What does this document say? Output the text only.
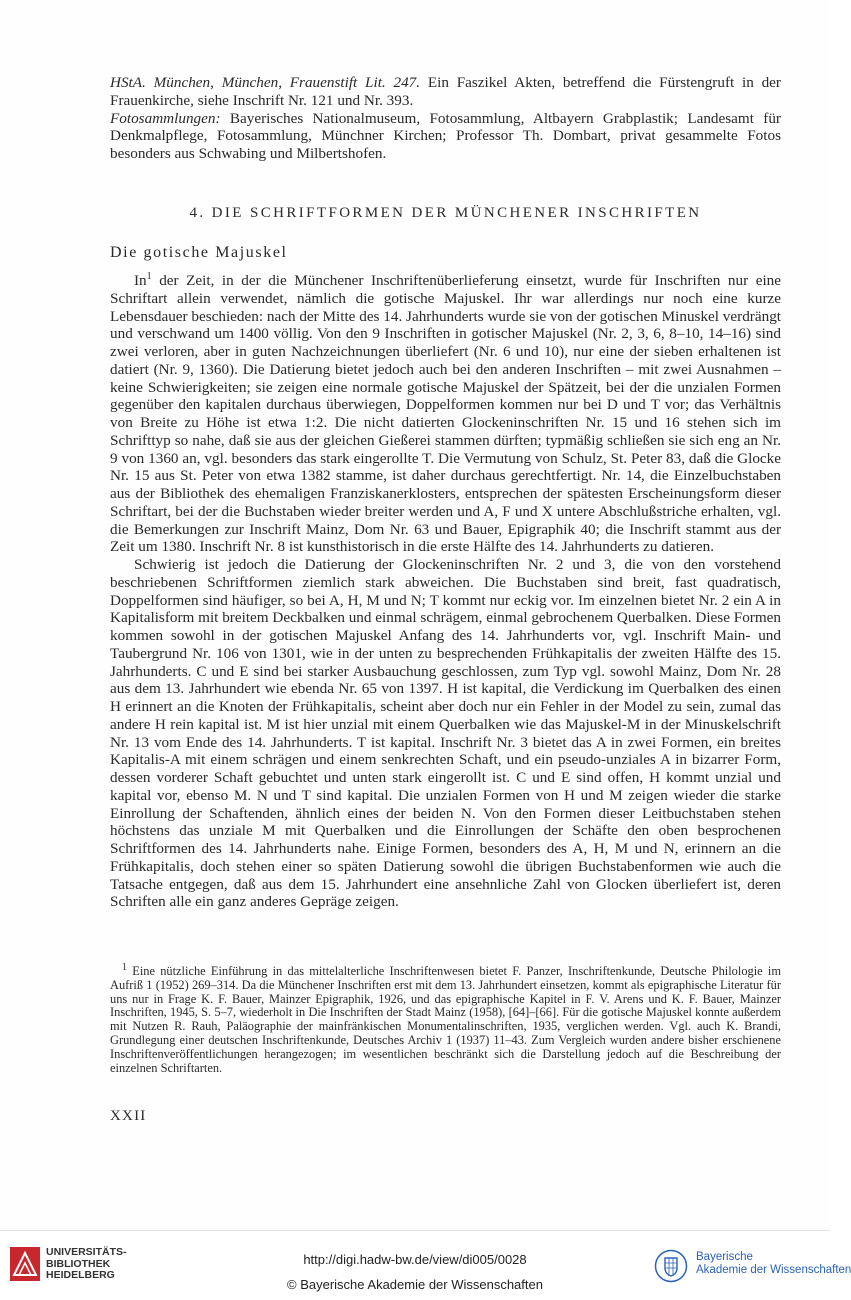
HStA. München, München, Frauenstift Lit. 247. Ein Faszikel Akten, betreffend die Fürstengruft in der Frauenkirche, siehe Inschrift Nr. 121 und Nr. 393.

Fotosammlungen: Bayerisches Nationalmuseum, Fotosammlung, Altbayern Grabplastik; Landesamt für Denkmalpflege, Fotosammlung, Münchner Kirchen; Professor Th. Dombart, privat gesammelte Fotos besonders aus Schwabing und Milbertshofen.

4. DIE SCHRIFTFORMEN DER MÜNCHENER INSCHRIFTEN
Die gotische Majuskel

In$^1$ der Zeit, in der die Münchener Inschriftenüberlieferung einsetzt, wurde für Inschriften nur eine Schriftart allein verwendet, nämlich die gotische Majuskel. Ihr war allerdings nur noch eine kurze Lebensdauer beschieden: nach der Mitte des 14. Jahrhunderts wurde sie von der gotischen Minuskel verdrängt und verschwand um 1400 völlig. Von den 9 Inschriften in gotischer Majuskel (Nr. 2, 3, 6, 8–10, 14–16) sind zwei verloren, aber in guten Nachzeichnungen überliefert (Nr. 6 und 10), nur eine der sieben erhaltenen ist datiert (Nr. 9, 1360). Die Datierung bietet jedoch auch bei den anderen Inschriften – mit zwei Ausnahmen – keine Schwierigkeiten; sie zeigen eine normale gotische Majuskel der Spätzeit, bei der die unzialen Formen gegenüber den kapitalen durchaus überwiegen, Doppelformen kommen nur bei D und T vor; das Verhältnis von Breite zu Höhe ist etwa 1:2. Die nicht datierten Glockeninschriften Nr. 15 und 16 stehen sich im Schrifttyp so nahe, daß sie aus der gleichen Gießerei stammen dürften; typmäßig schließen sie sich eng an Nr. 9 von 1360 an, vgl. besonders das stark eingerollte T. Die Vermutung von Schulz, St. Peter 83, daß die Glocke Nr. 15 aus St. Peter von etwa 1382 stamme, ist daher durchaus gerechtfertigt. Nr. 14, die Einzelbuchstaben aus der Bibliothek des ehemaligen Franziskanerklosters, entsprechen der spätesten Erscheinungsform dieser Schriftart, bei der die Buchstaben wieder breiter werden und A, F und X untere Abschlußstriche erhalten, vgl. die Bemerkungen zur Inschrift Mainz, Dom Nr. 63 und Bauer, Epigraphik 40; die Inschrift stammt aus der Zeit um 1380. Inschrift Nr. 8 ist kunsthistorisch in die erste Hälfte des 14. Jahrhunderts zu datieren.

Schwierig ist jedoch die Datierung der Glockeninschriften Nr. 2 und 3, die von den vorstehend beschriebenen Schriftformen ziemlich stark abweichen. Die Buchstaben sind breit, fast quadratisch, Doppelformen sind häufiger, so bei A, H, M und N; T kommt nur eckig vor. Im einzelnen bietet Nr. 2 ein A in Kapitalisform mit breitem Deckbalken und einmal schrägem, einmal gebrochenem Querbalken. Diese Formen kommen sowohl in der gotischen Majuskel Anfang des 14. Jahrhunderts vor, vgl. Inschrift Main- und Taubergrund Nr. 106 von 1301, wie in der unten zu besprechenden Frühkapitalis der zweiten Hälfte des 15. Jahrhunderts. C und E sind bei starker Ausbauchung geschlossen, zum Typ vgl. sowohl Mainz, Dom Nr. 28 aus dem 13. Jahrhundert wie ebenda Nr. 65 von 1397. H ist kapital, die Verdickung im Querbalken des einen H erinnert an die Knoten der Frühkapitalis, scheint aber doch nur ein Fehler in der Model zu sein, zumal das andere H rein kapital ist. M ist hier unzial mit einem Querbalken wie das Majuskel-M in der Minuskelschrift Nr. 13 vom Ende des 14. Jahrhunderts. T ist kapital. Inschrift Nr. 3 bietet das A in zwei Formen, ein breites Kapitalis-A mit einem schrägen und einem senkrechten Schaft, und ein pseudo-unziales A in bizarrer Form, dessen vorderer Schaft gebuchtet und unten stark eingerollt ist. C und E sind offen, H kommt unzial und kapital vor, ebenso M. N und T sind kapital. Die unzialen Formen von H und M zeigen wieder die starke Einrollung der Schaftenden, ähnlich eines der beiden N. Von den Formen dieser Leitbuchstaben stehen höchstens das unziale M mit Querbalken und die Einrollungen der Schäfte den oben besprochenen Schriftformen des 14. Jahrhunderts nahe. Einige Formen, besonders des A, H, M und N, erinnern an die Frühkapitalis, doch stehen einer so späten Datierung sowohl die übrigen Buchstabenformen wie auch die Tatsache entgegen, daß aus dem 15. Jahrhundert eine ansehnliche Zahl von Glocken überliefert ist, deren Schriften alle ein ganz anderes Gepräge zeigen.

$^1$ Eine nützliche Einführung in das mittelalterliche Inschriftenwesen bietet F. Panzer, Inschriftenkunde, Deutsche Philologie im Aufriß 1 (1952) 269–314. Da die Münchener Inschriften erst mit dem 13. Jahrhundert einsetzen, kommt als epigraphische Literatur für uns nur in Frage K. F. Bauer, Mainzer Epigraphik, 1926, und das epigraphische Kapitel in F. V. Arens und K. F. Bauer, Mainzer Inschriften, 1945, S. 5–7, wiederholt in Die Inschriften der Stadt Mainz (1958), [64]–[66]. Für die gotische Majuskel konnte außerdem mit Nutzen R. Rauh, Paläographie der mainfränkischen Monumentalinschriften, 1935, verglichen werden. Vgl. auch K. Brandi, Grundlegung einer deutschen Inschriftenkunde, Deutsches Archiv 1 (1937) 11–43. Zum Vergleich wurden andere bisher erschienene Inschriftenveröffentlichungen herangezogen; im wesentlichen beschränkt sich die Darstellung jedoch auf die Beschreibung der einzelnen Schriftarten.

XXII
UNIVERSITÄTS-
BIBLIOTHEK
HEIDELBERG
http://digi.hadw-bw.de/view/di005/0028
© Bayerische Akademie der Wissenschaften
Bayerische
Akademie der Wissenschaften
